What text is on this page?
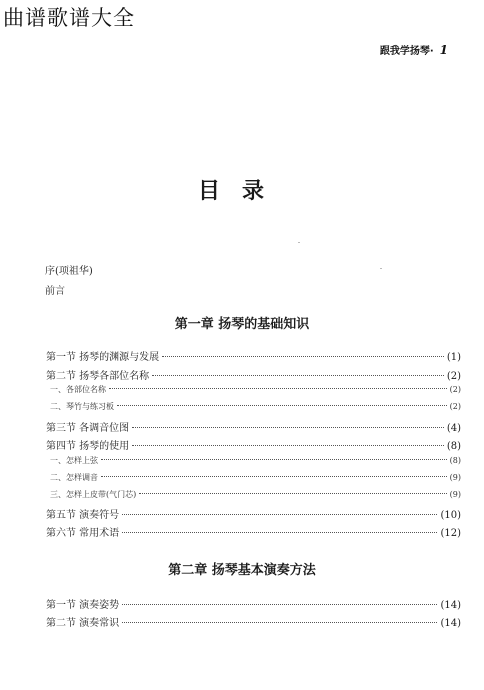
曲谱歌谱大全
跟我学扬琴· 1
目录
序(项祖华)
前言
第一章 扬琴的基础知识
第一节 扬琴的渊源与发展	(1)
第二节 扬琴各部位名称	(2)
一、各部位名称	(2)
二、琴竹与练习板	(2)
第三节 各调音位图	(4)
第四节 扬琴的使用	(8)
一、怎样上弦	(8)
二、怎样调音	(9)
三、怎样上皮带(气门芯)	(9)
第五节 演奏符号	(10)
第六节 常用术语	(12)
第二章 扬琴基本演奏方法
第一节 演奏姿势	(14)
第二节 演奏常识	(14)
